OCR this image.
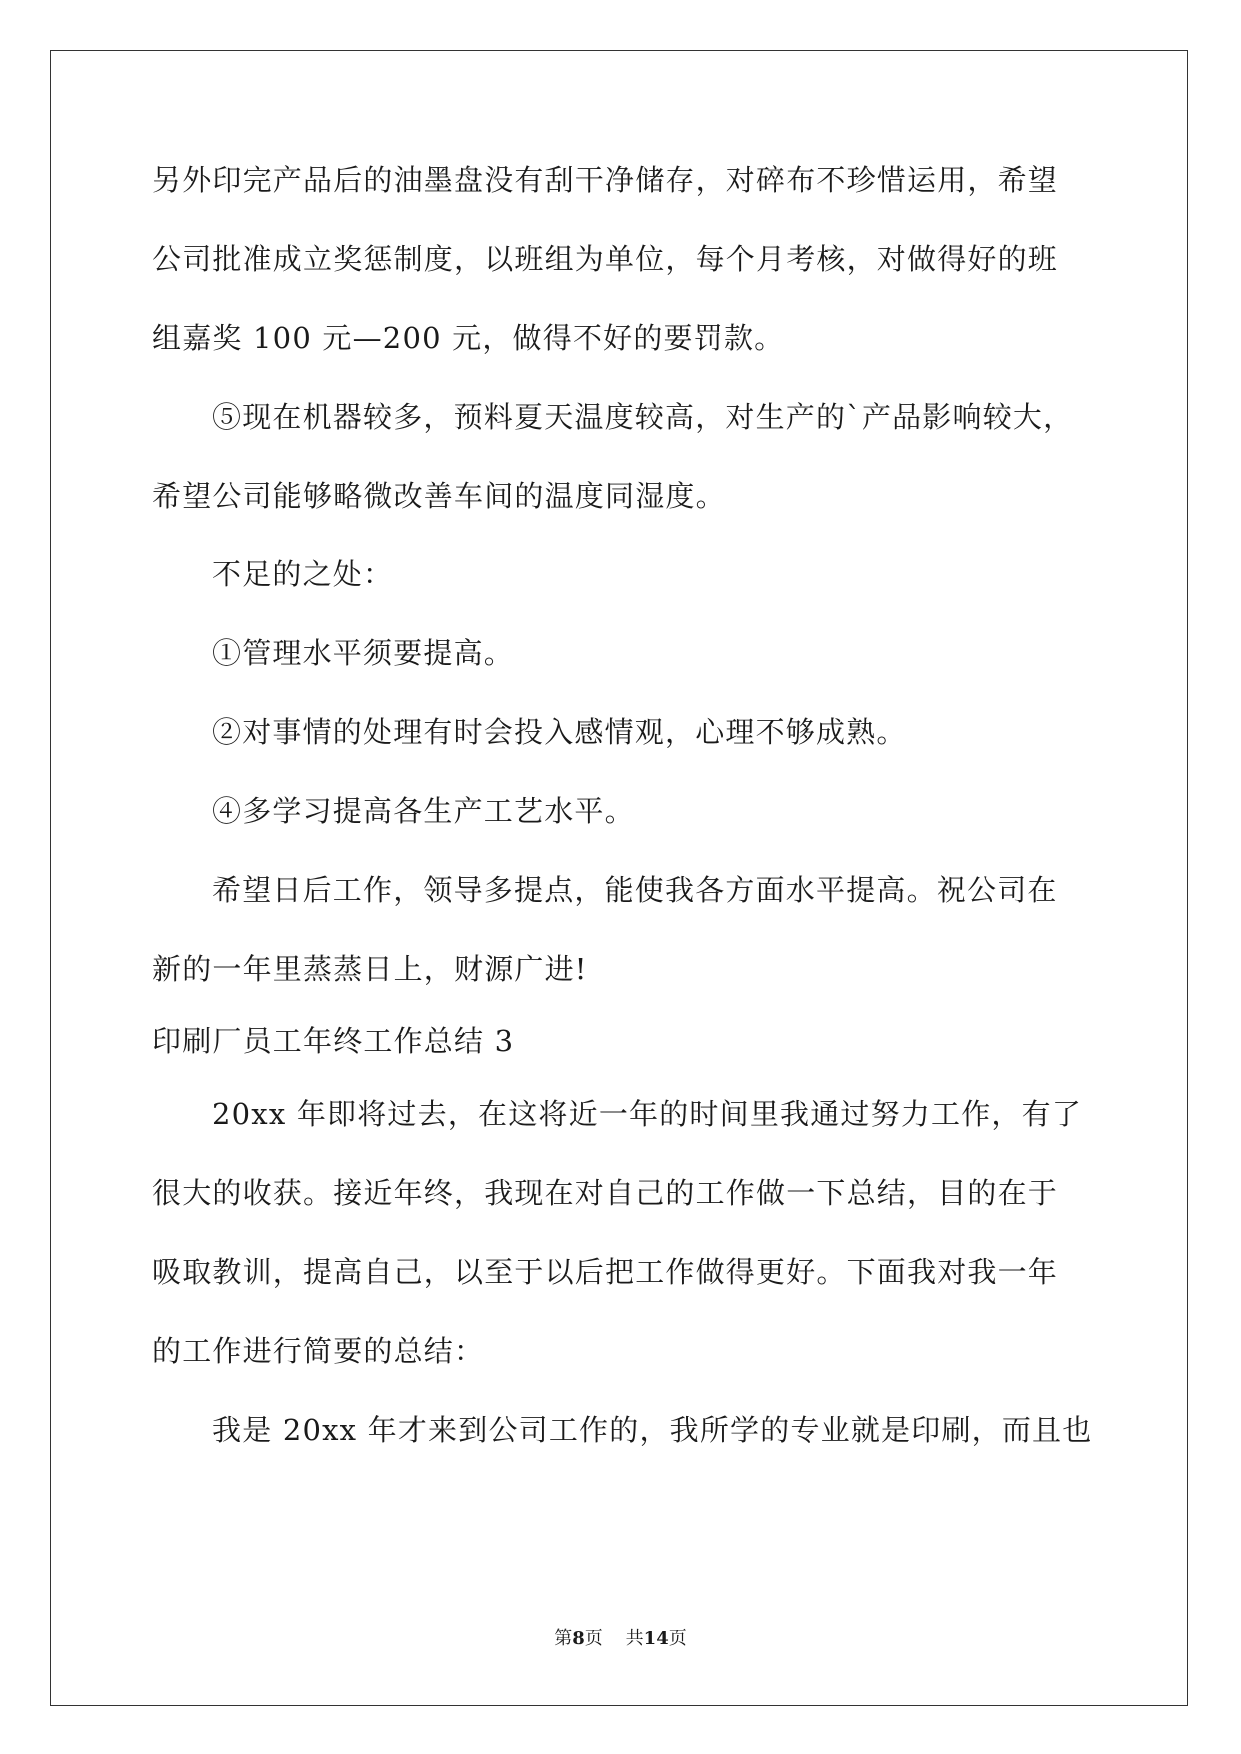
另外印完产品后的油墨盘没有刮干净储存，对碎布不珍惜运用，希望
公司批准成立奖惩制度，以班组为单位，每个月考核，对做得好的班
组嘉奖 100 元—200 元，做得不好的要罚款。
⑤现在机器较多，预料夏天温度较高，对生产的`产品影响较大，
希望公司能够略微改善车间的温度同湿度。
不足的之处：
①管理水平须要提高。
②对事情的处理有时会投入感情观，心理不够成熟。
④多学习提高各生产工艺水平。
希望日后工作，领导多提点，能使我各方面水平提高。祝公司在
新的一年里蒸蒸日上，财源广进!
印刷厂员工年终工作总结 3
20xx 年即将过去，在这将近一年的时间里我通过努力工作，有了
很大的收获。接近年终，我现在对自己的工作做一下总结，目的在于
吸取教训，提高自己，以至于以后把工作做得更好。下面我对我一年
的工作进行简要的总结：
我是 20xx 年才来到公司工作的，我所学的专业就是印刷，而且也
第8页 共14页
